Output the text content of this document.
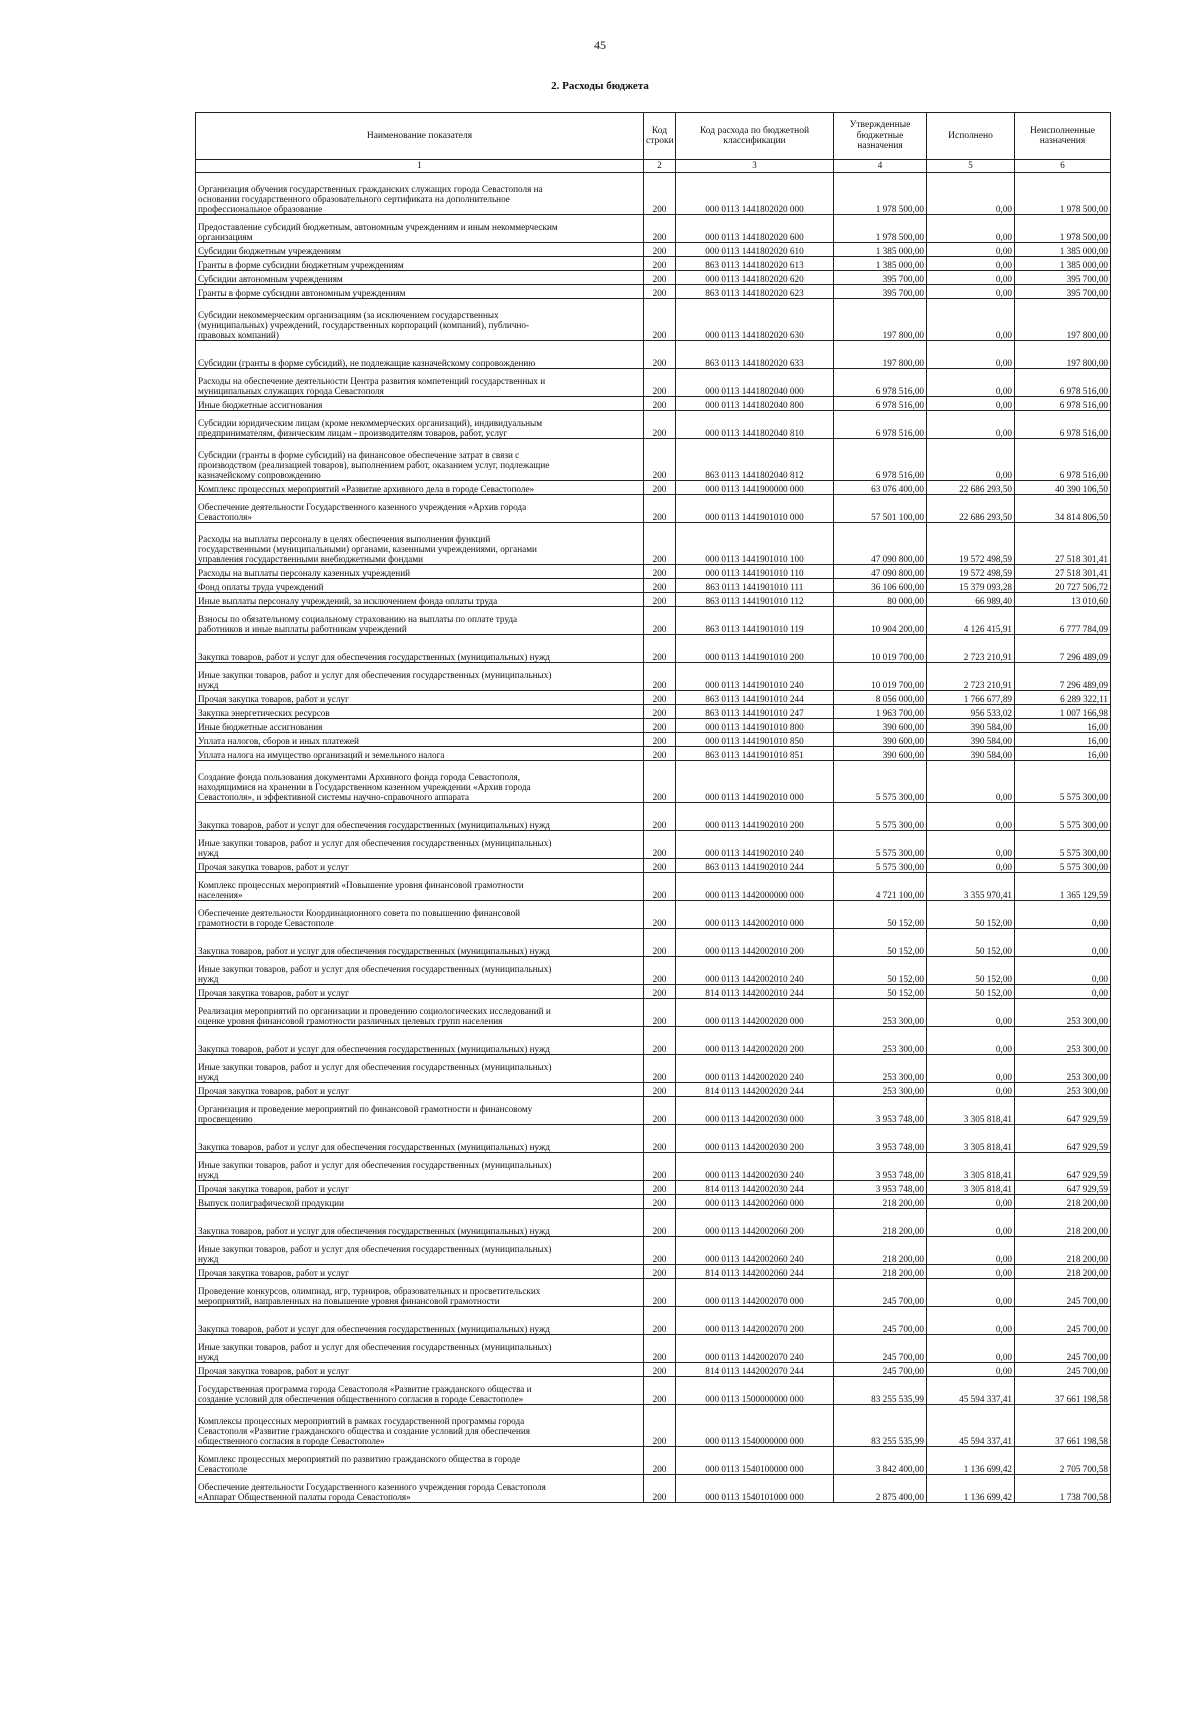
45
2. Расходы бюджета
Наименование показателя	Код строки	Код расхода по бюджетной классификации	Утвержденные бюджетные назначения	Исполнено	Неисполненные назначения
1	2	3	4	5	6
Организация обучения государственных гражданских служащих города Севастополя на
основании государственного образовательного сертификата на дополнительное
профессиональное образование	200	000 0113 1441802020 000	1 978 500,00	0,00	1 978 500,00
Предоставление субсидий бюджетным, автономным учреждениям и иным некоммерческим
организациям	200	000 0113 1441802020 600	1 978 500,00	0,00	1 978 500,00
Субсидии бюджетным учреждениям	200	000 0113 1441802020 610	1 385 000,00	0,00	1 385 000,00
Гранты в форме субсидии бюджетным учреждениям	200	863 0113 1441802020 613	1 385 000,00	0,00	1 385 000,00
Субсидии автономным учреждениям	200	000 0113 1441802020 620	395 700,00	0,00	395 700,00
Гранты в форме субсидии автономным учреждениям	200	863 0113 1441802020 623	395 700,00	0,00	395 700,00
Субсидии некоммерческим организациям (за исключением государственных
(муниципальных) учреждений, государственных корпораций (компаний), публично-
правовых компаний)	200	000 0113 1441802020 630	197 800,00	0,00	197 800,00
Субсидии (гранты в форме субсидий), не подлежащие казначейскому сопровождению	200	863 0113 1441802020 633	197 800,00	0,00	197 800,00
Расходы на обеспечение деятельности Центра развития компетенций государственных и
муниципальных служащих города Севастополя	200	000 0113 1441802040 000	6 978 516,00	0,00	6 978 516,00
Иные бюджетные ассигнования	200	000 0113 1441802040 800	6 978 516,00	0,00	6 978 516,00
Субсидии юридическим лицам (кроме некоммерческих организаций), индивидуальным
предпринимателям, физическим лицам - производителям товаров, работ, услуг	200	000 0113 1441802040 810	6 978 516,00	0,00	6 978 516,00
Субсидии (гранты в форме субсидий) на финансовое обеспечение затрат в связи с
производством (реализацией товаров), выполнением работ, оказанием услуг, подлежащие
казначейскому сопровождению	200	863 0113 1441802040 812	6 978 516,00	0,00	6 978 516,00
Комплекс процессных мероприятий «Развитие архивного дела в городе Севастополе»	200	000 0113 1441900000 000	63 076 400,00	22 686 293,50	40 390 106,50
Обеспечение деятельности Государственного казенного учреждения «Архив города
Севастополя»	200	000 0113 1441901010 000	57 501 100,00	22 686 293,50	34 814 806,50
Расходы на выплаты персоналу в целях обеспечения выполнения функций
государственными (муниципальными) органами, казенными учреждениями, органами
управления государственными внебюджетными фондами	200	000 0113 1441901010 100	47 090 800,00	19 572 498,59	27 518 301,41
Расходы на выплаты персоналу казенных учреждений	200	000 0113 1441901010 110	47 090 800,00	19 572 498,59	27 518 301,41
Фонд оплаты труда учреждений	200	863 0113 1441901010 111	36 106 600,00	15 379 093,28	20 727 506,72
Иные выплаты персоналу учреждений, за исключением фонда оплаты труда	200	863 0113 1441901010 112	80 000,00	66 989,40	13 010,60
Взносы по обязательному социальному страхованию на выплаты по оплате труда
работников и иные выплаты работникам учреждений	200	863 0113 1441901010 119	10 904 200,00	4 126 415,91	6 777 784,09
Закупка товаров, работ и услуг для обеспечения государственных (муниципальных) нужд	200	000 0113 1441901010 200	10 019 700,00	2 723 210,91	7 296 489,09
Иные закупки товаров, работ и услуг для обеспечения государственных (муниципальных)
нужд	200	000 0113 1441901010 240	10 019 700,00	2 723 210,91	7 296 489,09
Прочая закупка товаров, работ и услуг	200	863 0113 1441901010 244	8 056 000,00	1 766 677,89	6 289 322,11
Закупка энергетических ресурсов	200	863 0113 1441901010 247	1 963 700,00	956 533,02	1 007 166,98
Иные бюджетные ассигнования	200	000 0113 1441901010 800	390 600,00	390 584,00	16,00
Уплата налогов, сборов и иных платежей	200	000 0113 1441901010 850	390 600,00	390 584,00	16,00
Уплата налога на имущество организаций и земельного налога	200	863 0113 1441901010 851	390 600,00	390 584,00	16,00
Создание фонда пользования документами Архивного фонда города Севастополя,
находящимися на хранении в Государственном казенном учреждении «Архив города
Севастополя», и эффективной системы научно-справочного аппарата	200	000 0113 1441902010 000	5 575 300,00	0,00	5 575 300,00
Закупка товаров, работ и услуг для обеспечения государственных (муниципальных) нужд	200	000 0113 1441902010 200	5 575 300,00	0,00	5 575 300,00
Иные закупки товаров, работ и услуг для обеспечения государственных (муниципальных)
нужд	200	000 0113 1441902010 240	5 575 300,00	0,00	5 575 300,00
Прочая закупка товаров, работ и услуг	200	863 0113 1441902010 244	5 575 300,00	0,00	5 575 300,00
Комплекс процессных мероприятий «Повышение уровня финансовой грамотности
населения»	200	000 0113 1442000000 000	4 721 100,00	3 355 970,41	1 365 129,59
Обеспечение деятельности Координационного совета по повышению финансовой
грамотности в городе Севастополе	200	000 0113 1442002010 000	50 152,00	50 152,00	0,00
Закупка товаров, работ и услуг для обеспечения государственных (муниципальных) нужд	200	000 0113 1442002010 200	50 152,00	50 152,00	0,00
Иные закупки товаров, работ и услуг для обеспечения государственных (муниципальных)
нужд	200	000 0113 1442002010 240	50 152,00	50 152,00	0,00
Прочая закупка товаров, работ и услуг	200	814 0113 1442002010 244	50 152,00	50 152,00	0,00
Реализация мероприятий по организации и проведению социологических исследований и
оценке уровня финансовой грамотности различных целевых групп населения	200	000 0113 1442002020 000	253 300,00	0,00	253 300,00
Закупка товаров, работ и услуг для обеспечения государственных (муниципальных) нужд	200	000 0113 1442002020 200	253 300,00	0,00	253 300,00
Иные закупки товаров, работ и услуг для обеспечения государственных (муниципальных)
нужд	200	000 0113 1442002020 240	253 300,00	0,00	253 300,00
Прочая закупка товаров, работ и услуг	200	814 0113 1442002020 244	253 300,00	0,00	253 300,00
Организация и проведение мероприятий по финансовой грамотности и финансовому
просвещению	200	000 0113 1442002030 000	3 953 748,00	3 305 818,41	647 929,59
Закупка товаров, работ и услуг для обеспечения государственных (муниципальных) нужд	200	000 0113 1442002030 200	3 953 748,00	3 305 818,41	647 929,59
Иные закупки товаров, работ и услуг для обеспечения государственных (муниципальных)
нужд	200	000 0113 1442002030 240	3 953 748,00	3 305 818,41	647 929,59
Прочая закупка товаров, работ и услуг	200	814 0113 1442002030 244	3 953 748,00	3 305 818,41	647 929,59
Выпуск полиграфической продукции	200	000 0113 1442002060 000	218 200,00	0,00	218 200,00
Закупка товаров, работ и услуг для обеспечения государственных (муниципальных) нужд	200	000 0113 1442002060 200	218 200,00	0,00	218 200,00
Иные закупки товаров, работ и услуг для обеспечения государственных (муниципальных)
нужд	200	000 0113 1442002060 240	218 200,00	0,00	218 200,00
Прочая закупка товаров, работ и услуг	200	814 0113 1442002060 244	218 200,00	0,00	218 200,00
Проведение конкурсов, олимпиад, игр, турниров, образовательных и просветительских
мероприятий, направленных на повышение уровня финансовой грамотности	200	000 0113 1442002070 000	245 700,00	0,00	245 700,00
Закупка товаров, работ и услуг для обеспечения государственных (муниципальных) нужд	200	000 0113 1442002070 200	245 700,00	0,00	245 700,00
Иные закупки товаров, работ и услуг для обеспечения государственных (муниципальных)
нужд	200	000 0113 1442002070 240	245 700,00	0,00	245 700,00
Прочая закупка товаров, работ и услуг	200	814 0113 1442002070 244	245 700,00	0,00	245 700,00
Государственная программа города Севастополя «Развитие гражданского общества и
создание условий для обеспечения общественного согласия в городе Севастополе»	200	000 0113 1500000000 000	83 255 535,99	45 594 337,41	37 661 198,58
Комплексы процессных мероприятий в рамках государственной программы города
Севастополя «Развитие гражданского общества и создание условий для обеспечения
общественного согласия в городе Севастополе»	200	000 0113 1540000000 000	83 255 535,99	45 594 337,41	37 661 198,58
Комплекс процессных мероприятий по развитию гражданского общества в городе
Севастополе	200	000 0113 1540100000 000	3 842 400,00	1 136 699,42	2 705 700,58
Обеспечение деятельности Государственного казенного учреждения города Севастополя
«Аппарат Общественной палаты города Севастополя»	200	000 0113 1540101000 000	2 875 400,00	1 136 699,42	1 738 700,58
